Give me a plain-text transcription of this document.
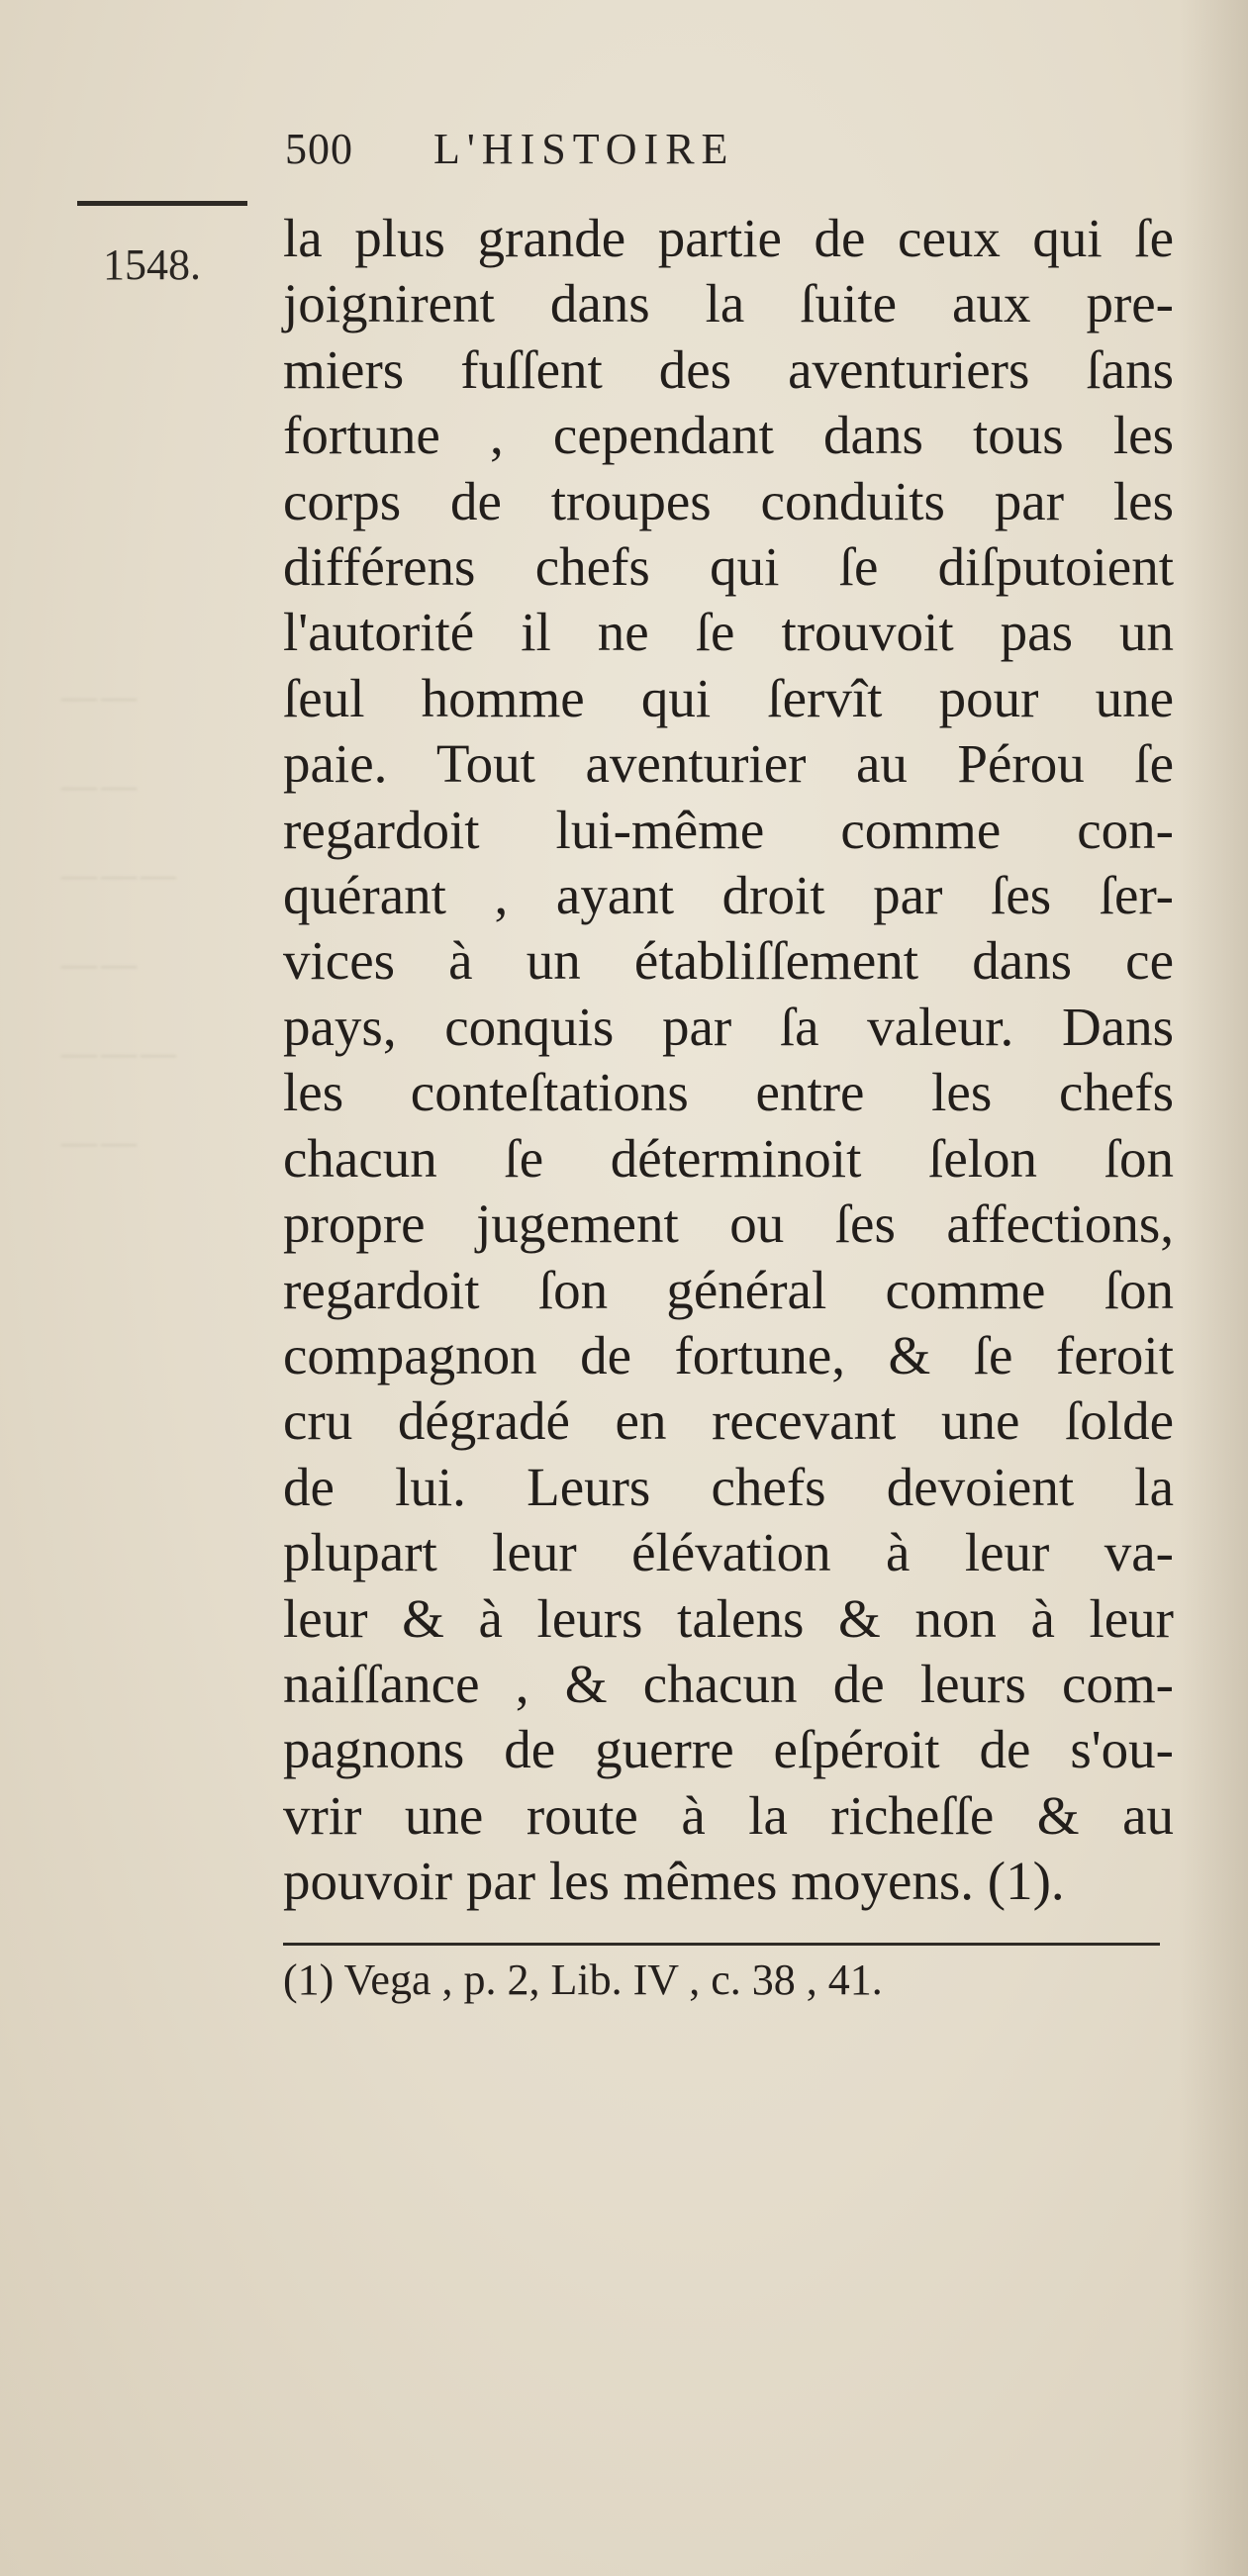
——
——
———
——
———
——
500 L'HISTOIRE
1548. la plus grande partie de ceux qui ſe
joignirent dans la ſuite aux pre-
miers fuſſent des aventuriers ſans
fortune , cependant dans tous les
corps de troupes conduits par les
différens chefs qui ſe diſputoient
l'autorité il ne ſe trouvoit pas un
ſeul homme qui ſervît pour une
paie. Tout aventurier au Pérou ſe
regardoit lui-même comme con-
quérant , ayant droit par ſes ſer-
vices à un établiſſement dans ce
pays, conquis par ſa valeur. Dans
les conteſtations entre les chefs
chacun ſe déterminoit ſelon ſon
propre jugement ou ſes affections,
regardoit ſon général comme ſon
compagnon de fortune, & ſe feroit
cru dégradé en recevant une ſolde
de lui. Leurs chefs devoient la
plupart leur élévation à leur va-
leur & à leurs talens & non à leur
naiſſance , & chacun de leurs com-
pagnons de guerre eſpéroit de s'ou-
vrir une route à la richeſſe & au
pouvoir par les mêmes moyens. (1).
(1) Vega , p. 2, Lib. IV , c. 38 , 41.
